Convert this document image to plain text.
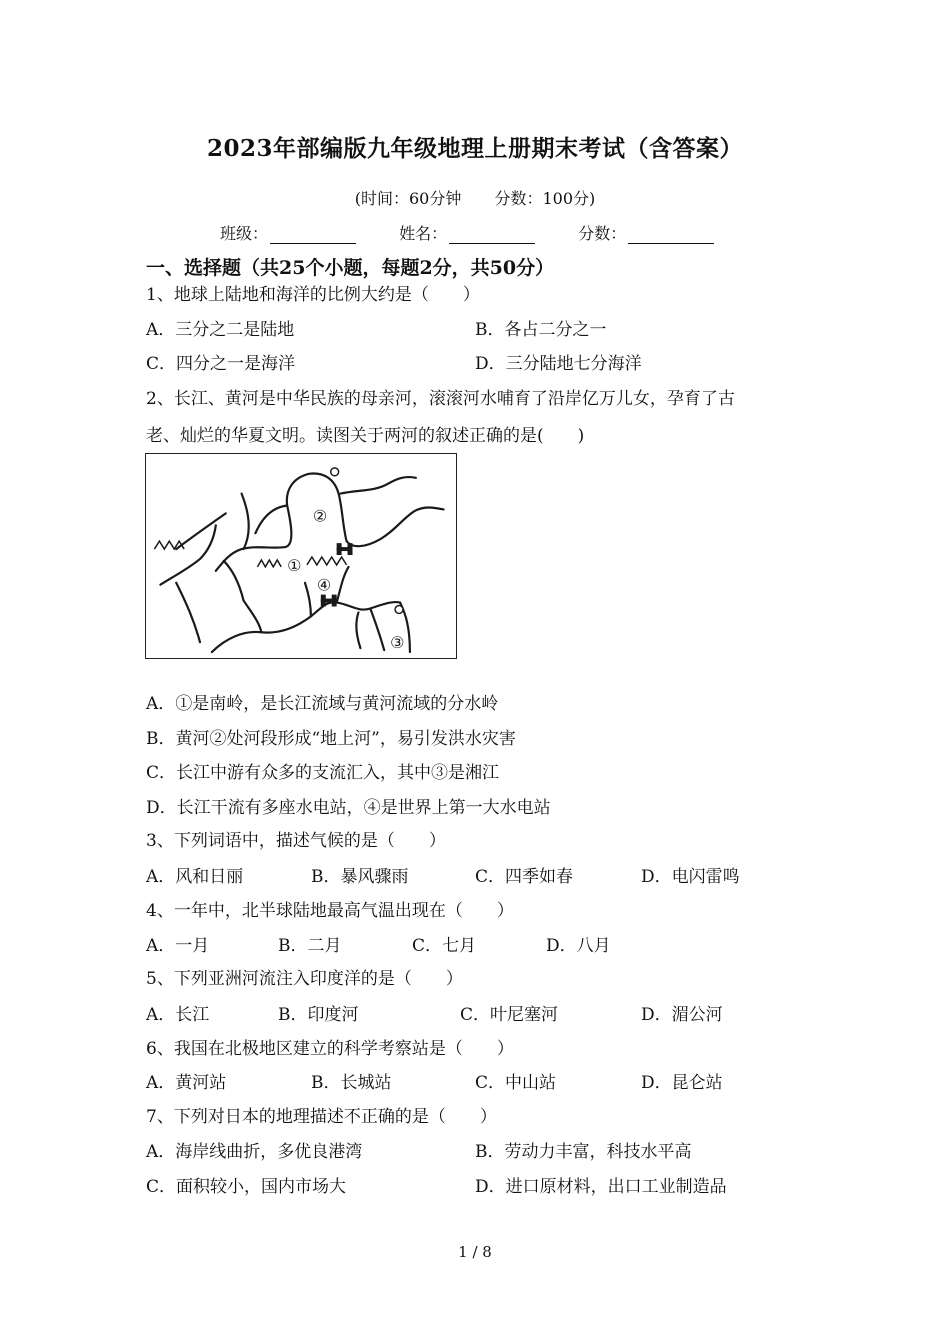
2023年部编版九年级地理上册期末考试（含答案）
(时间：60分钟 分数：100分)
班级：	姓名：	分数：
一、选择题（共25个小题，每题2分，共50分）
1、地球上陆地和海洋的比例大约是（　　）
A．三分之二是陆地	B．各占二分之一
C．四分之一是海洋	D．三分陆地七分海洋
2、长江、黄河是中华民族的母亲河，滚滚河水哺育了沿岸亿万儿女，孕育了古
老、灿烂的华夏文明。读图关于两河的叙述正确的是(　　)
②
①
④
③
A．①是南岭，是长江流域与黄河流域的分水岭
B．黄河②处河段形成“地上河”，易引发洪水灾害
C．长江中游有众多的支流汇入，其中③是湘江
D．长江干流有多座水电站，④是世界上第一大水电站
3、下列词语中，描述气候的是（　　）
A．风和日丽	B．暴风骤雨	C．四季如春	D．电闪雷鸣
4、一年中，北半球陆地最高气温出现在（　　）
A．一月	B．二月	C．七月	D．八月
5、下列亚洲河流注入印度洋的是（　　）
A．长江	B．印度河	C．叶尼塞河	D．湄公河
6、我国在北极地区建立的科学考察站是（　　）
A．黄河站	B．长城站	C．中山站	D．昆仑站
7、下列对日本的地理描述不正确的是（　　）
A．海岸线曲折，多优良港湾	B．劳动力丰富，科技水平高
C．面积较小，国内市场大	D．进口原材料，出口工业制造品
1 / 8
